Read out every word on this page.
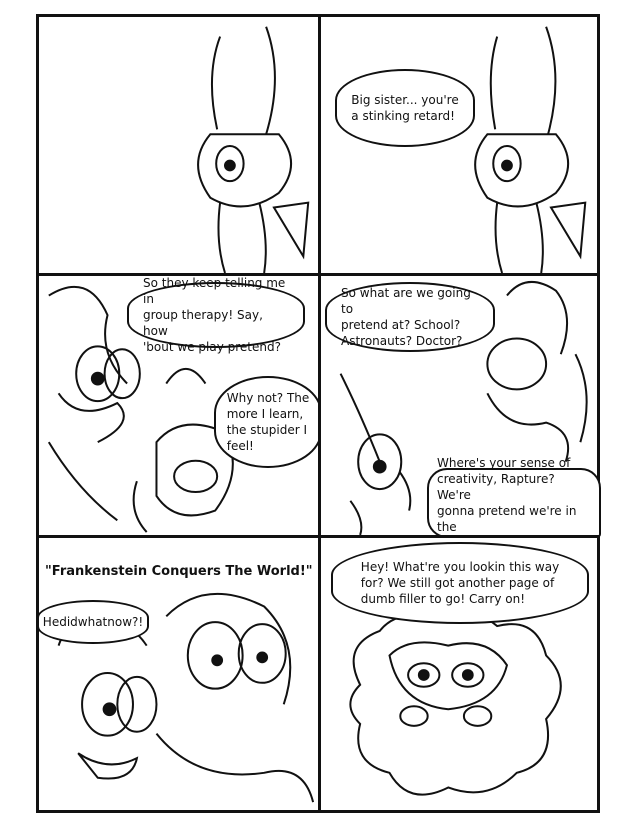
Big sister... you're
a stinking retard!
So they keep telling me in
group therapy! Say, how
'bout we play pretend?
Why not? The
more I learn,
the stupider I
feel!
So what are we going to
pretend at? School?
Astronauts? Doctor?
Where's your sense of
creativity, Rapture? We're
gonna pretend we're in the

"Frankenstein Conquers The World!"
Hedidwhatnow?!
Hey! What're you lookin this way
for? We still got another page of
dumb filler to go! Carry on!
